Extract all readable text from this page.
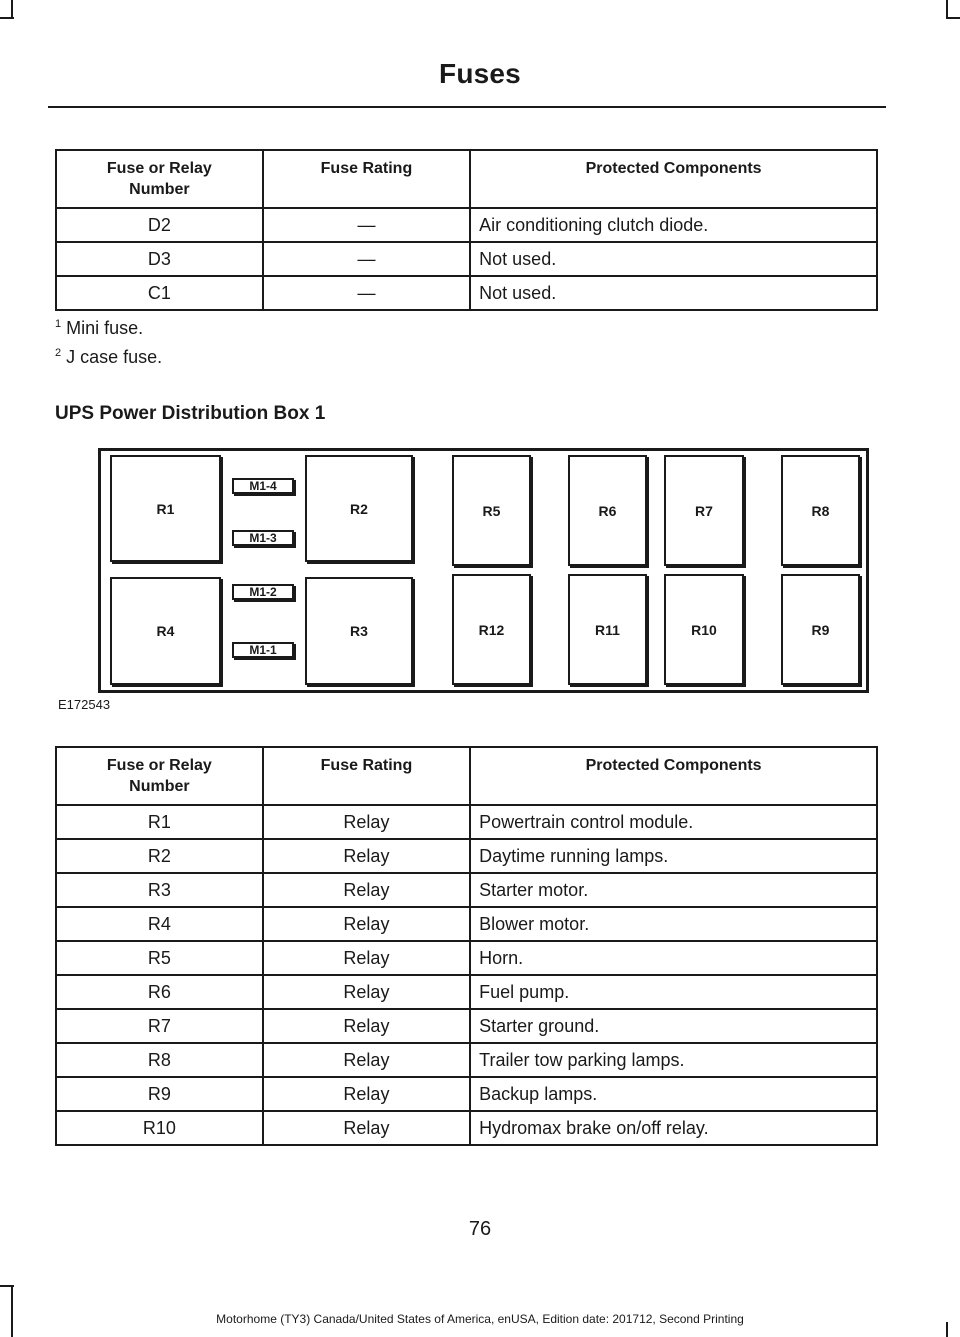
Fuses
Fuse or Relay Number	Fuse Rating	Protected Components
D2	—	Air conditioning clutch diode.
D3	—	Not used.
C1	—	Not used.
$^1$ Mini fuse.
$^2$ J case fuse.
UPS Power Distribution Box 1
R1
R4
M1-4
M1-3
M1-2
M1-1
R2
R3
R5
R12
R6
R11
R7
R10
R8
R9
E172543
Fuse or Relay Number	Fuse Rating	Protected Components
R1	Relay	Powertrain control module.
R2	Relay	Daytime running lamps.
R3	Relay	Starter motor.
R4	Relay	Blower motor.
R5	Relay	Horn.
R6	Relay	Fuel pump.
R7	Relay	Starter ground.
R8	Relay	Trailer tow parking lamps.
R9	Relay	Backup lamps.
R10	Relay	Hydromax brake on/off relay.
76
Motorhome (TY3) Canada/United States of America, enUSA, Edition date: 201712, Second Printing
